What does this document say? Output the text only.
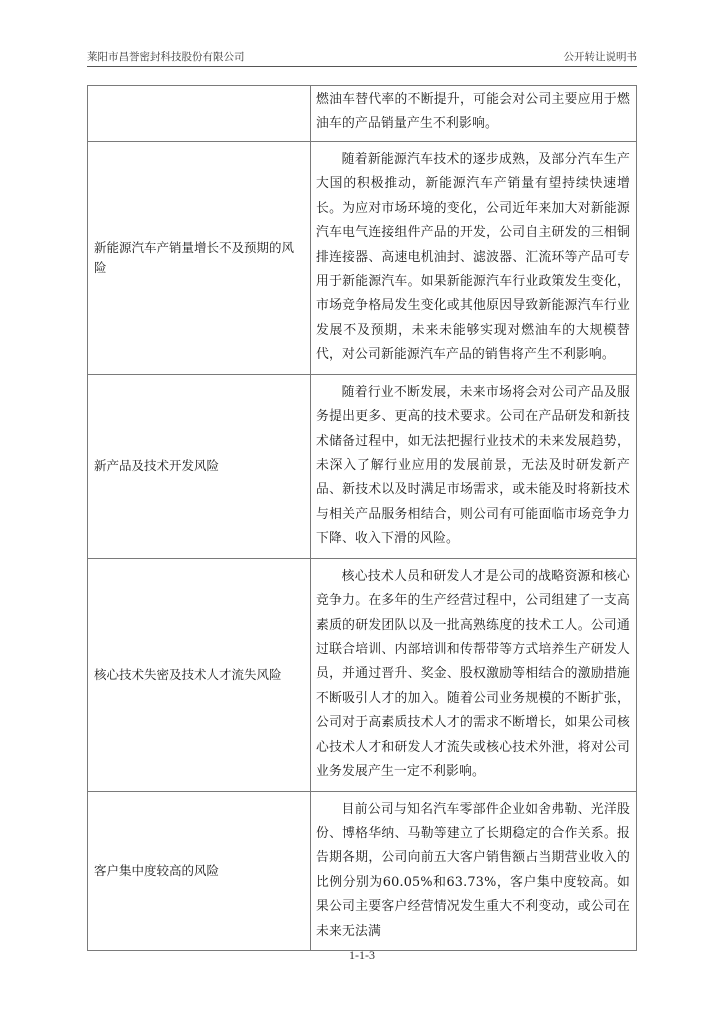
莱阳市昌誉密封科技股份有限公司	公开转让说明书

	燃油车替代率的不断提升，可能会对公司主要应用于燃油车的产品销量产生不利影响。

新能源汽车产销量增长不及预期的风险	随着新能源汽车技术的逐步成熟，及部分汽车生产大国的积极推动，新能源汽车产销量有望持续快速增长。为应对市场环境的变化，公司近年来加大对新能源汽车电气连接组件产品的开发，公司自主研发的三相铜排连接器、高速电机油封、滤波器、汇流环等产品可专用于新能源汽车。如果新能源汽车行业政策发生变化，市场竞争格局发生变化或其他原因导致新能源汽车行业发展不及预期，未来未能够实现对燃油车的大规模替代，对公司新能源汽车产品的销售将产生不利影响。

新产品及技术开发风险	随着行业不断发展，未来市场将会对公司产品及服务提出更多、更高的技术要求。公司在产品研发和新技术储备过程中，如无法把握行业技术的未来发展趋势，未深入了解行业应用的发展前景，无法及时研发新产品、新技术以及时满足市场需求，或未能及时将新技术与相关产品服务相结合，则公司有可能面临市场竞争力下降、收入下滑的风险。

核心技术失密及技术人才流失风险	核心技术人员和研发人才是公司的战略资源和核心竞争力。在多年的生产经营过程中，公司组建了一支高素质的研发团队以及一批高熟练度的技术工人。公司通过联合培训、内部培训和传帮带等方式培养生产研发人员，并通过晋升、奖金、股权激励等相结合的激励措施不断吸引人才的加入。随着公司业务规模的不断扩张，公司对于高素质技术人才的需求不断增长，如果公司核心技术人才和研发人才流失或核心技术外泄，将对公司业务发展产生一定不利影响。

客户集中度较高的风险	目前公司与知名汽车零部件企业如舍弗勒、光洋股份、博格华纳、马勒等建立了长期稳定的合作关系。报告期各期，公司向前五大客户销售额占当期营业收入的比例分别为60.05%和63.73%，客户集中度较高。如果公司主要客户经营情况发生重大不利变动，或公司在未来无法满
1-1-3
